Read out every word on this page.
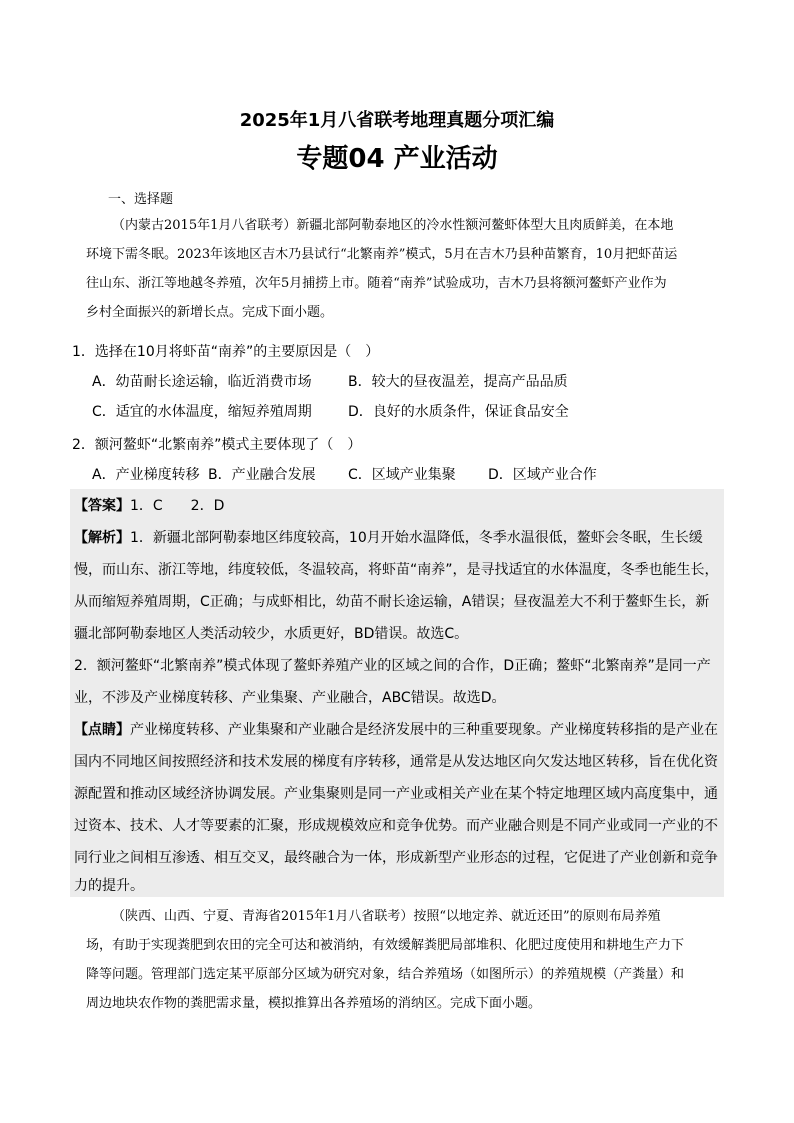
2025年1月八省联考地理真题分项汇编
专题04 产业活动
一、选择题
（内蒙古2015年1月八省联考）新疆北部阿勒泰地区的冷水性额河鳌虾体型大且肉质鲜美，在本地
环境下需冬眠。2023年该地区吉木乃县试行“北繁南养”模式，5月在吉木乃县种苗繁育，10月把虾苗运
往山东、浙江等地越冬养殖，次年5月捕捞上市。随着“南养”试验成功，吉木乃县将额河鳌虾产业作为
乡村全面振兴的新增长点。完成下面小题。
1．选择在10月将虾苗“南养”的主要原因是（　）
A．幼苗耐长途运输，临近消费市场	B．较大的昼夜温差，提高产品品质
C．适宜的水体温度，缩短养殖周期	D．良好的水质条件，保证食品安全
2．额河鳌虾“北繁南养”模式主要体现了（　）
A．产业梯度转移 B．产业融合发展 C．区域产业集聚 D．区域产业合作
【答案】1．C　　2．D
【解析】1．新疆北部阿勒泰地区纬度较高，10月开始水温降低，冬季水温很低，鳌虾会冬眠，生长缓
慢，而山东、浙江等地，纬度较低，冬温较高，将虾苗“南养”，是寻找适宜的水体温度，冬季也能生长，
从而缩短养殖周期，C正确；与成虾相比，幼苗不耐长途运输，A错误；昼夜温差大不利于鳌虾生长，新
疆北部阿勒泰地区人类活动较少，水质更好，BD错误。故选C。
2．额河鳌虾“北繁南养”模式体现了鳌虾养殖产业的区域之间的合作，D正确；鳌虾“北繁南养”是同一产
业，不涉及产业梯度转移、产业集聚、产业融合，ABC错误。故选D。
【点睛】产业梯度转移、产业集聚和产业融合是经济发展中的三种重要现象。产业梯度转移指的是产业在
国内不同地区间按照经济和技术发展的梯度有序转移，通常是从发达地区向欠发达地区转移，旨在优化资
源配置和推动区域经济协调发展。产业集聚则是同一产业或相关产业在某个特定地理区域内高度集中，通
过资本、技术、人才等要素的汇聚，形成规模效应和竞争优势。而产业融合则是不同产业或同一产业的不
同行业之间相互渗透、相互交叉，最终融合为一体，形成新型产业形态的过程，它促进了产业创新和竞争
力的提升。
（陕西、山西、宁夏、青海省2015年1月八省联考）按照“以地定养、就近还田”的原则布局养殖
场，有助于实现粪肥到农田的完全可达和被消纳，有效缓解粪肥局部堆积、化肥过度使用和耕地生产力下
降等问题。管理部门选定某平原部分区域为研究对象，结合养殖场（如图所示）的养殖规模（产粪量）和
周边地块农作物的粪肥需求量，模拟推算出各养殖场的消纳区。完成下面小题。
